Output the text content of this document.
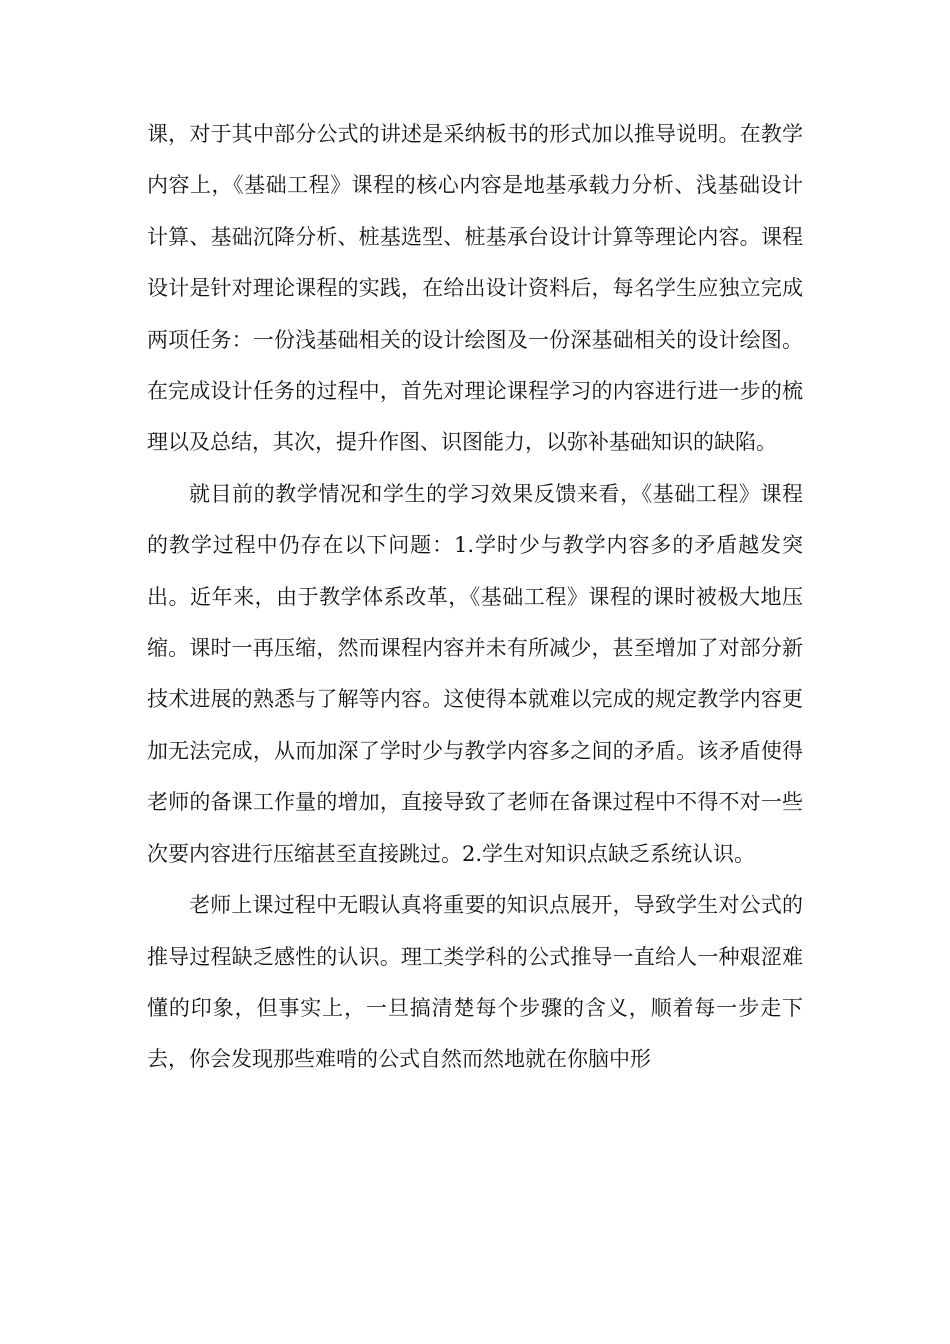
课，对于其中部分公式的讲述是采纳板书的形式加以推导说明。在教学内容上，《基础工程》课程的核心内容是地基承载力分析、浅基础设计计算、基础沉降分析、桩基选型、桩基承台设计计算等理论内容。课程设计是针对理论课程的实践，在给出设计资料后，每名学生应独立完成两项任务：一份浅基础相关的设计绘图及一份深基础相关的设计绘图。在完成设计任务的过程中，首先对理论课程学习的内容进行进一步的梳理以及总结，其次，提升作图、识图能力，以弥补基础知识的缺陷。

就目前的教学情况和学生的学习效果反馈来看，《基础工程》课程的教学过程中仍存在以下问题：1.学时少与教学内容多的矛盾越发突出。近年来，由于教学体系改革，《基础工程》课程的课时被极大地压缩。课时一再压缩，然而课程内容并未有所减少，甚至增加了对部分新技术进展的熟悉与了解等内容。这使得本就难以完成的规定教学内容更加无法完成，从而加深了学时少与教学内容多之间的矛盾。该矛盾使得老师的备课工作量的增加，直接导致了老师在备课过程中不得不对一些次要内容进行压缩甚至直接跳过。2.学生对知识点缺乏系统认识。

老师上课过程中无暇认真将重要的知识点展开，导致学生对公式的推导过程缺乏感性的认识。理工类学科的公式推导一直给人一种艰涩难懂的印象，但事实上，一旦搞清楚每个步骤的含义，顺着每一步走下去，你会发现那些难啃的公式自然而然地就在你脑中形
